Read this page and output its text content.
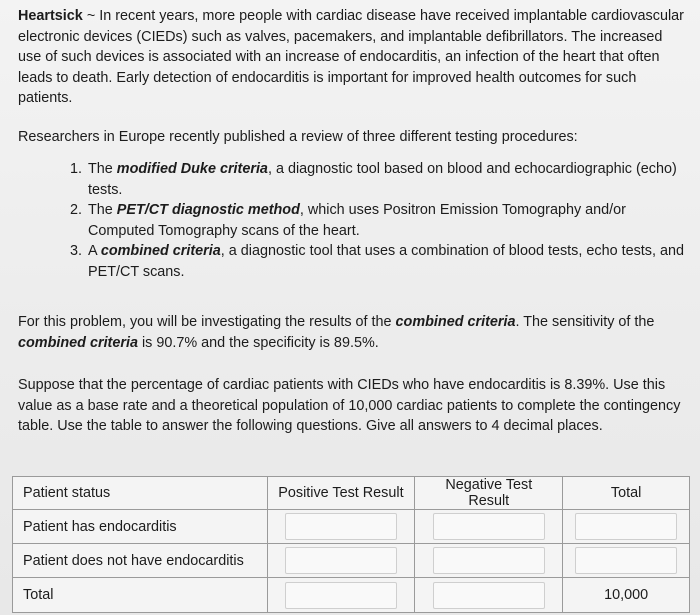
Heartsick ~ In recent years, more people with cardiac disease have received implantable cardiovascular electronic devices (CIEDs) such as valves, pacemakers, and implantable defibrillators. The increased use of such devices is associated with an increase of endocarditis, an infection of the heart that often leads to death. Early detection of endocarditis is important for improved health outcomes for such patients.

Researchers in Europe recently published a review of three different testing procedures:

1. The modified Duke criteria, a diagnostic tool based on blood and echocardiographic (echo) tests.
2. The PET/CT diagnostic method, which uses Positron Emission Tomography and/or Computed Tomography scans of the heart.
3. A combined criteria, a diagnostic tool that uses a combination of blood tests, echo tests, and PET/CT scans.

For this problem, you will be investigating the results of the combined criteria. The sensitivity of the combined criteria is 90.7% and the specificity is 89.5%.

Suppose that the percentage of cardiac patients with CIEDs who have endocarditis is 8.39%. Use this value as a base rate and a theoretical population of 10,000 cardiac patients to complete the contingency table. Use the table to answer the following questions. Give all answers to 4 decimal places.

Patient status	Positive Test Result	Negative Test Result	Total
Patient has endocarditis	

Patient does not have endocarditis	

Total			10,000
